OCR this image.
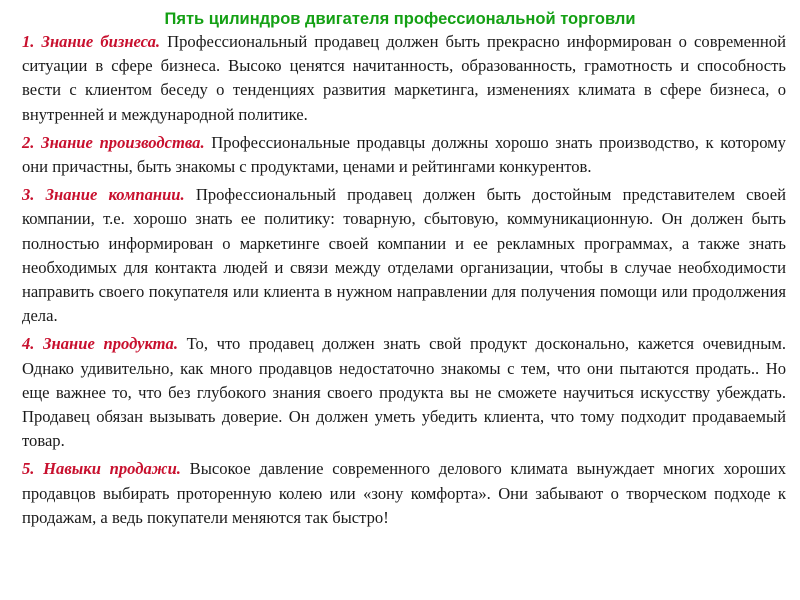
Пять цилиндров двигателя профессиональной торговли

1. Знание бизнеса. Профессиональный продавец должен быть прекрасно информирован о современной ситуации в сфере бизнеса. Высоко ценятся начитанность, образованность, грамотность и способность вести с клиентом беседу о тенденциях развития маркетинга, изменениях климата в сфере бизнеса, о внутренней и международной политике.

2. Знание производства. Профессиональные продавцы должны хорошо знать производство, к которому они причастны, быть знакомы с продуктами, ценами и рейтингами конкурентов.

3. Знание компании. Профессиональный продавец должен быть достойным представителем своей компании, т.е. хорошо знать ее политику: товарную, сбытовую, коммуникационную. Он должен быть полностью информирован о маркетинге своей компании и ее рекламных программах, а также знать необходимых для контакта людей и связи между отделами организации, чтобы в случае необходимости направить своего покупателя или клиента в нужном направлении для получения помощи или продолжения дела.

4. Знание продукта. То, что продавец должен знать свой продукт досконально, кажется очевидным. Однако удивительно, как много продавцов недостаточно знакомы с тем, что они пытаются продать.. Но еще важнее то, что без глубокого знания своего продукта вы не сможете научиться искусству убеждать. Продавец обязан вызывать доверие. Он должен уметь убедить клиента, что тому подходит продаваемый товар.

5. Навыки продажи. Высокое давление современного делового климата вынуждает многих хороших продавцов выбирать проторенную колею или «зону комфорта». Они забывают о творческом подходе к продажам, а ведь покупатели меняются так быстро!
